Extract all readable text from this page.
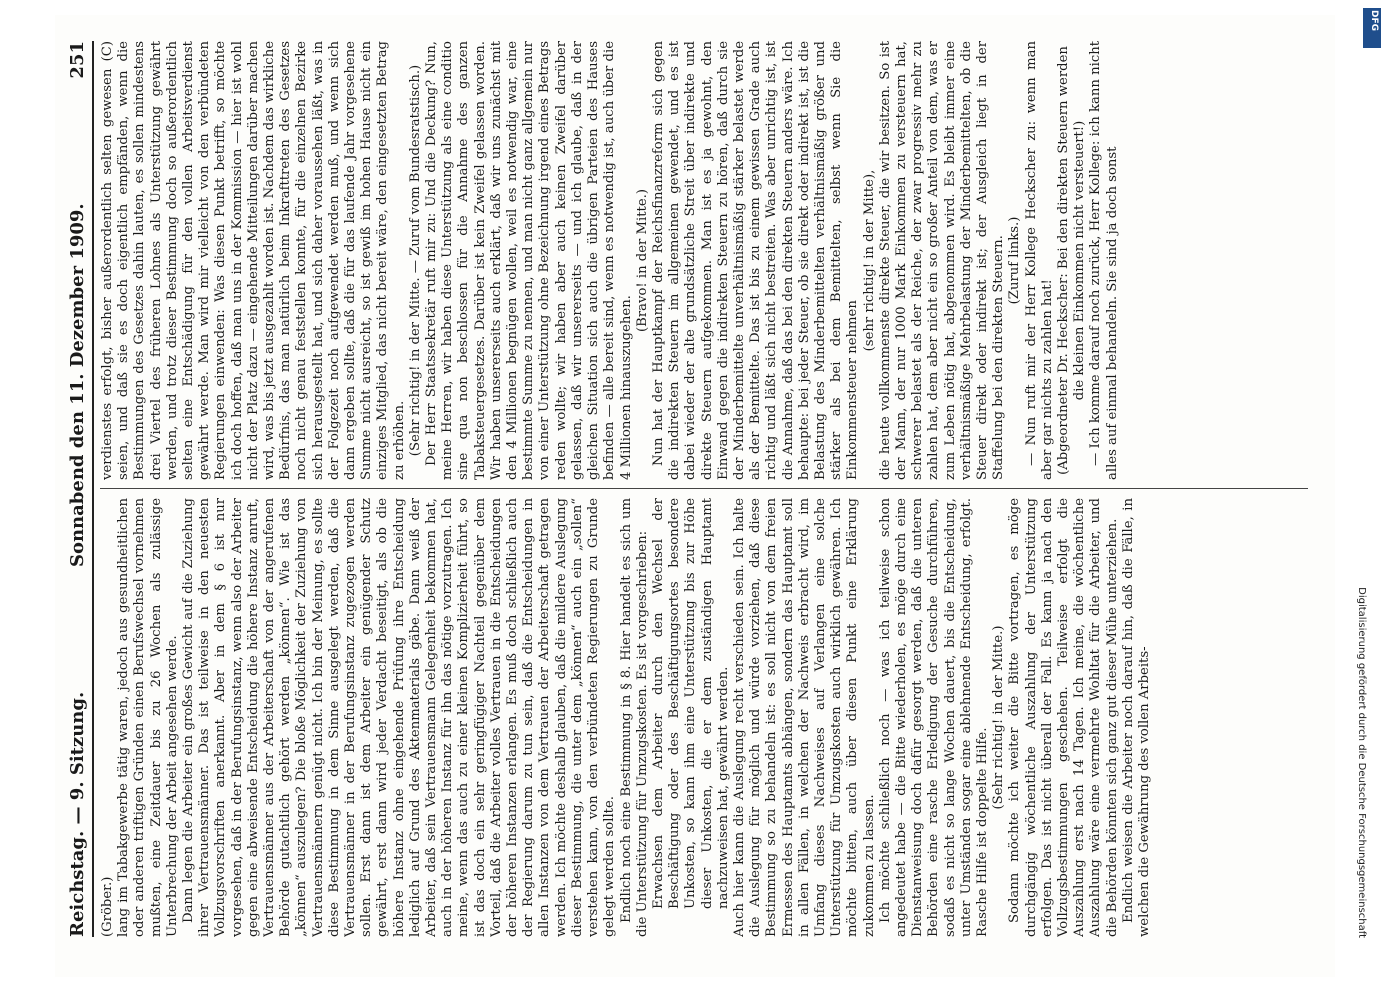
Reichstag. — 9. Sitzung.
Sonnabend den 11. Dezember 1909.
251

(Gröber.) lang im Tabakgewerbe tätig waren, jedoch aus gesundheitlichen oder anderen triftigen Gründen einen Berufswechsel vornehmen mußten, eine Zeitdauer bis zu 26 Wochen als zulässige Unterbrechung der Arbeit angesehen werde. Dann legen die Arbeiter ein großes Gewicht auf die Zuziehung ihrer Vertrauensmänner. Das ist teilweise in den neuesten Vollzugsvorschriften anerkannt. Aber in dem § 6 ist nur vorgesehen, daß in der Berufungsinstanz, wenn also der Arbeiter gegen eine abweisende Entscheidung die höhere Instanz anruft, Vertrauensmänner aus der Arbeiterschaft von der angerufenen Behörde gutachtlich gehört werden „können“. Wie ist das „können“ auszulegen? Die bloße Möglichkeit der Zuziehung von Vertrauensmännern genügt nicht. Ich bin der Meinung, es sollte diese Bestimmung in dem Sinne ausgelegt werden, daß die Vertrauensmänner in der Berufungsinstanz zugezogen werden sollen. Erst dann ist dem Arbeiter ein genügender Schutz gewährt, erst dann wird jeder Verdacht beseitigt, als ob die höhere Instanz ohne eingehende Prüfung ihre Entscheidung lediglich auf Grund des Aktenmaterials gäbe. Dann weiß der Arbeiter, daß sein Vertrauensmann Gelegenheit bekommen hat, auch in der höheren Instanz für ihn das nötige vorzutragen. Ich meine, wenn das auch zu einer kleinen Komplizierheit führt, so ist das doch ein sehr geringfügiger Nachteil gegenüber dem Vorteil, daß die Arbeiter volles Vertrauen in die Entscheidungen der höheren Instanzen erlangen. Es muß doch schließlich auch der Regierung darum zu tun sein, daß die Entscheidungen in allen Instanzen von dem Vertrauen der Arbeiterschaft getragen werden. Ich möchte deshalb glauben, daß die mildere Auslegung dieser Bestimmung, die unter dem „können“ auch ein „sollen“ verstehen kann, von den verbündeten Regierungen zu Grunde gelegt werden sollte. Endlich noch eine Bestimmung in § 8. Hier handelt es sich um die Unterstützung für Umzugskosten. Es ist vorgeschrieben: Erwachsen dem Arbeiter durch den Wechsel der Beschäftigung oder des Beschäftigungsortes besondere Unkosten, so kann ihm eine Unterstützung bis zur Höhe dieser Unkosten, die er dem zuständigen Hauptamt nachzuweisen hat, gewährt werden. Auch hier kann die Auslegung recht verschieden sein. Ich halte die Auslegung für möglich und würde vorziehen, daß diese Bestimmung so zu behandeln ist: es soll nicht von dem freien Ermessen des Hauptamts abhängen, sondern das Hauptamt soll in allen Fällen, in welchen der Nachweis erbracht wird, im Umfang dieses Nachweises auf Verlangen eine solche Unterstützung für Umzugskosten auch wirklich gewähren. Ich möchte bitten, auch über diesen Punkt eine Erklärung zukommen zu lassen. Ich möchte schließlich noch — was ich teilweise schon angedeutet habe — die Bitte wiederholen, es möge durch eine Dienstanweisung doch dafür gesorgt werden, daß die unteren Behörden eine rasche Erledigung der Gesuche durchführen, sodaß es nicht so lange Wochen dauert, bis die Entscheidung, unter Umständen sogar eine ablehnende Entscheidung, erfolgt. Rasche Hilfe ist doppelte Hilfe.

(Sehr richtig! in der Mitte.) Sodann möchte ich weiter die Bitte vortragen, es möge durchgängig wöchentliche Auszahlung der Unterstützung erfolgen. Das ist nicht überall der Fall. Es kann ja nach den Vollzugsbestimmungen geschehen. Teilweise erfolgt die Auszahlung erst nach 14 Tagen. Ich meine, die wöchentliche Auszahlung wäre eine vermehrte Wohltat für die Arbeiter, und die Behörden könnten sich ganz gut dieser Mühe unterziehen. Endlich weisen die Arbeiter noch darauf hin, daß die Fälle, in welchen die Gewährung des vollen Arbeits-

verdienstes erfolgt, bisher außerordentlich selten gewesen (C) seien, und daß sie es doch eigentlich empfänden, wenn die Bestimmungen des Gesetzes dahin lauten, es sollen mindestens drei Viertel des früheren Lohnes als Unterstützung gewährt werden, und trotz dieser Bestimmung doch so außerordentlich selten eine Entschädigung für den vollen Arbeitsverdienst gewährt werde. Man wird mir vielleicht von den verbündeten Regierungen einwenden: Was diesen Punkt betrifft, so möchte ich doch hoffen, daß man uns in der Kommission — hier ist wohl nicht der Platz dazu — eingehende Mitteilungen darüber machen wird, was bis jetzt ausgezahlt worden ist. Nachdem das wirkliche Bedürfnis, das man natürlich beim Inkrafttreten des Gesetzes noch nicht genau feststellen konnte, für die einzelnen Bezirke sich herausgestellt hat, und sich daher voraussehen läßt, was in der Folgezeit noch aufgewendet werden muß, und wenn sich dann ergeben sollte, daß die für das laufende Jahr vorgesehene Summe nicht ausreicht, so ist gewiß im hohen Hause nicht ein einziges Mitglied, das nicht bereit wäre, den eingesetzten Betrag zu erhöhen. (Sehr richtig! in der Mitte. — Zuruf vom Bundesratstisch.) Der Herr Staatssekretär ruft mir zu: Und die Deckung? Nun, meine Herren, wir haben diese Unterstützung als eine conditio sine qua non beschlossen für die Annahme des ganzen Tabaksteuergesetzes. Darüber ist kein Zweifel gelassen worden. Wir haben unsererseits auch erklärt, daß wir uns zunächst mit den 4 Millionen begnügen wollen, weil es notwendig war, eine bestimmte Summe zu nennen, und man nicht ganz allgemein nur von einer Unterstützung ohne Bezeichnung irgend eines Betrags reden wollte; wir haben aber auch keinen Zweifel darüber gelassen, daß wir unsererseits — und ich glaube, daß in der gleichen Situation sich auch die übrigen Parteien des Hauses befinden — alle bereit sind, wenn es notwendig ist, auch über die 4 Millionen hinauszugehen.

(Bravo! in der Mitte.) Nun hat der Hauptkampf der Reichsfinanzreform sich gegen die indirekten Steuern im allgemeinen gewendet, und es ist dabei wieder der alte grundsätzliche Streit über indirekte und direkte Steuern aufgekommen. Man ist es ja gewohnt, den Einwand gegen die indirekten Steuern zu hören, daß durch sie der Minderbemittelte unverhältnismäßig stärker belastet werde als der Bemittelte. Das ist bis zu einem gewissen Grade auch richtig und läßt sich nicht bestreiten. Was aber unrichtig ist, ist die Annahme, daß das bei den direkten Steuern anders wäre. Ich behaupte: bei jeder Steuer, ob sie direkt oder indirekt ist, ist die Belastung des Minderbemittelten verhältnismäßig größer und stärker als bei dem Bemittelten, selbst wenn Sie die Einkommensteuer nehmen

(sehr richtig! in der Mitte), die heute vollkommenste direkte Steuer, die wir besitzen. So ist der Mann, der nur 1000 Mark Einkommen zu versteuern hat, schwerer belastet als der Reiche, der zwar progressiv mehr zu zahlen hat, dem aber nicht ein so großer Anteil von dem, was er zum Leben nötig hat, abgenommen wird. Es bleibt immer eine verhältnismäßige Mehrbelastung der Minderbemittelten, ob die Steuer direkt oder indirekt ist; der Ausgleich liegt in der Staffelung bei den direkten Steuern. (Zuruf links.) — Nun ruft mir der Herr Kollege Heckscher zu: wenn man aber gar nichts zu zahlen hat! (Abgeordneter Dr. Heckscher: Bei den direkten Steuern werden die kleinen Einkommen nicht versteuert!) — Ich komme darauf noch zurück, Herr Kollege: ich kann nicht alles auf einmal behandeln. Sie sind ja doch sonst

Digitalisierung gefördert durch die Deutsche Forschungsgemeinschaft
DFG
